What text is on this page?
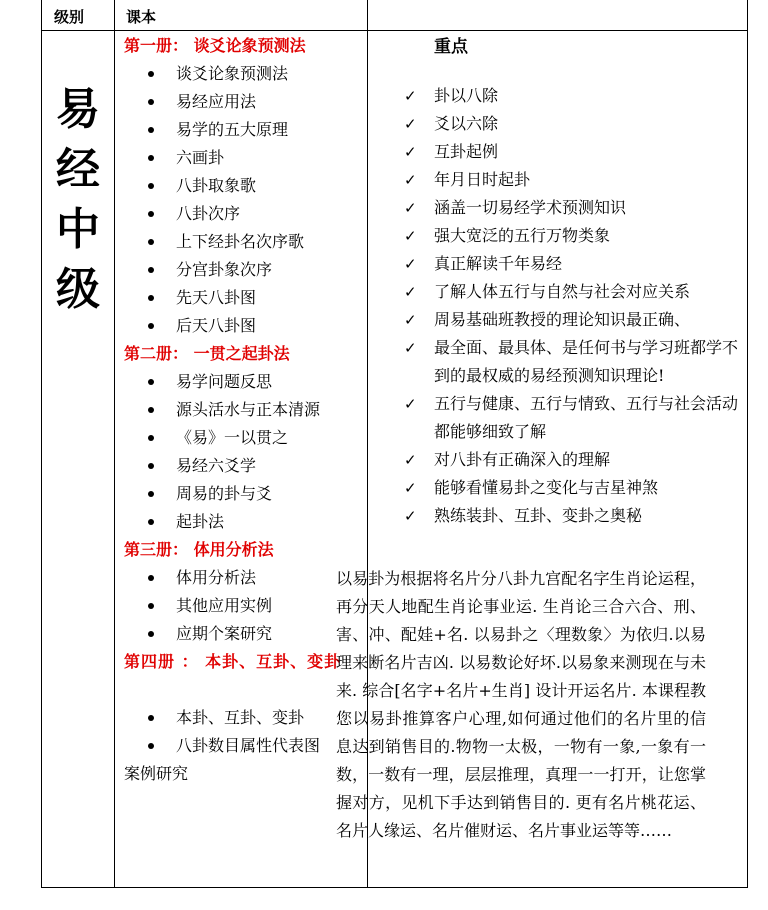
级别	课本
易
经
中
级
第一册： 谈爻论象预测法
谈爻论象预测法
易经应用法
易学的五大原理
六画卦
八卦取象歌
八卦次序
上下经卦名次序歌
分宫卦象次序
先天八卦图
后天八卦图
第二册： 一贯之起卦法
易学问题反思
源头活水与正本清源
《易》一以贯之
易经六爻学
周易的卦与爻
起卦法
第三册： 体用分析法
体用分析法
其他应用实例
应期个案研究
第四册 ： 本卦、互卦、变卦
本卦、互卦、变卦
八卦数目属性代表图
案例研究
重点
✓ 卦以八除
✓ 爻以六除
✓ 互卦起例
✓ 年月日时起卦
✓ 涵盖一切易经学术预测知识
✓ 强大宽泛的五行万物类象
✓ 真正解读千年易经
✓ 了解人体五行与自然与社会对应关系
✓ 周易基础班教授的理论知识最正确、
✓ 最全面、最具体、是任何书与学习班都学不到的最权威的易经预测知识理论!
✓ 五行与健康、五行与情致、五行与社会活动都能够细致了解
✓ 对八卦有正确深入的理解
✓ 能够看懂易卦之变化与吉星神煞
✓ 熟练装卦、互卦、变卦之奥秘
以易卦为根据将名片分八卦九宫配名字生肖论运程，再分天人地配生肖论事业运. 生肖论三合六合、刑、害、冲、配娃+名. 以易卦之〈理数象〉为依归.以易理来断名片吉凶. 以易数论好坏.以易象来测现在与未来. 综合[名字+名片+生肖] 设计开运名片. 本课程教您以易卦推算客户心理,如何通过他们的名片里的信息达到销售目的.物物一太极，一物有一象,一象有一数，一数有一理，层层推理，真理一一打开，让您掌握对方，见机下手达到销售目的. 更有名片桃花运、名片人缘运、名片催财运、名片事业运等等……
